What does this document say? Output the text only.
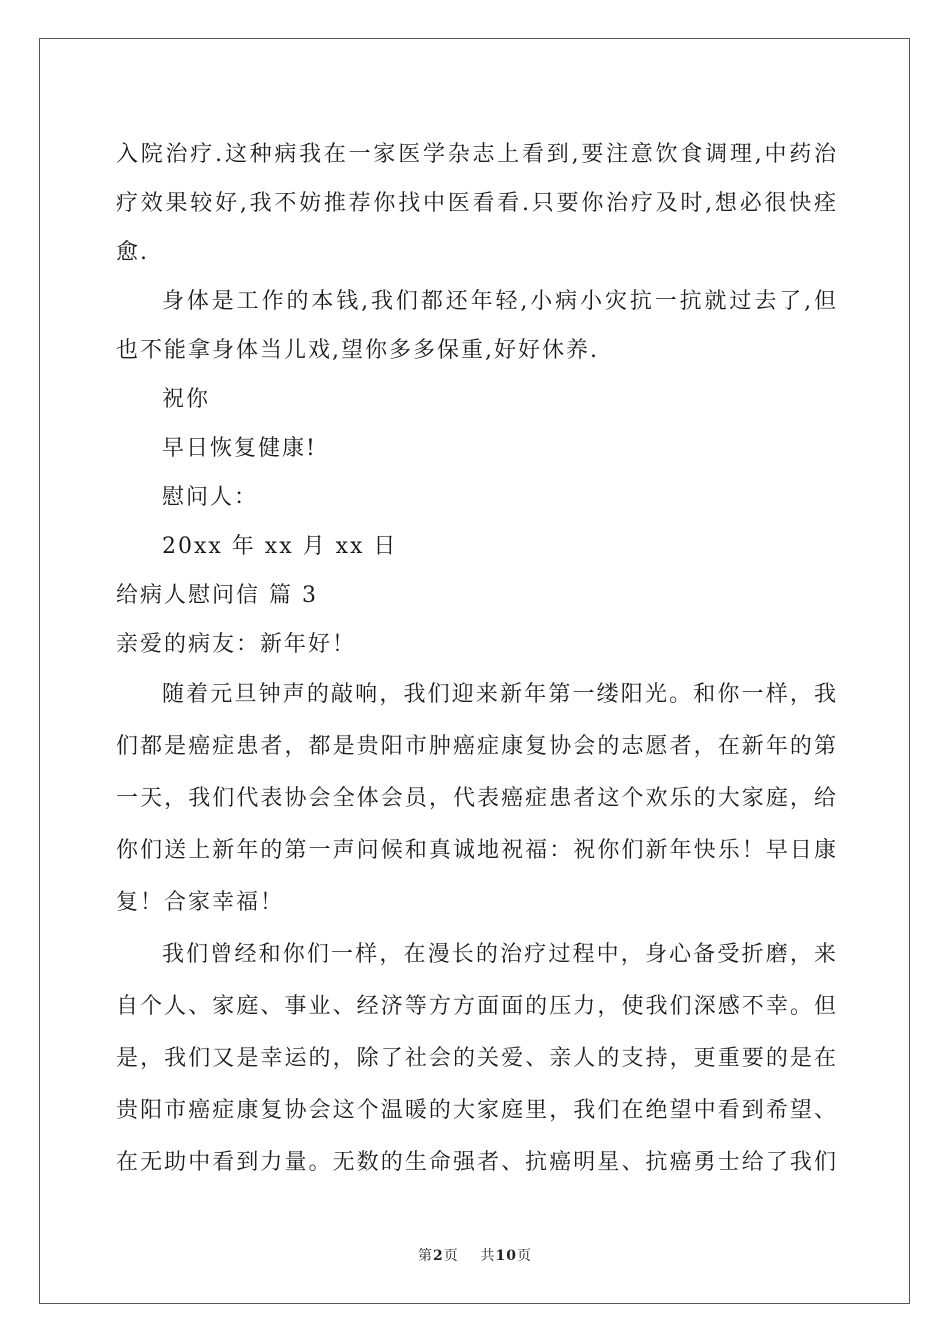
入院治疗.这种病我在一家医学杂志上看到,要注意饮食调理,中药治
疗效果较好,我不妨推荐你找中医看看.只要你治疗及时,想必很快痊
愈.
身体是工作的本钱,我们都还年轻,小病小灾抗一抗就过去了,但
也不能拿身体当儿戏,望你多多保重,好好休养.
祝你
早日恢复健康!
慰问人：
20xx 年 xx 月 xx 日
给病人慰问信 篇 3
亲爱的病友：新年好！
随着元旦钟声的敲响，我们迎来新年第一缕阳光。和你一样，我
们都是癌症患者，都是贵阳市肿癌症康复协会的志愿者，在新年的第
一天，我们代表协会全体会员，代表癌症患者这个欢乐的大家庭，给
你们送上新年的第一声问候和真诚地祝福：祝你们新年快乐！早日康
复！合家幸福！
我们曾经和你们一样，在漫长的治疗过程中，身心备受折磨，来
自个人、家庭、事业、经济等方方面面的压力，使我们深感不幸。但
是，我们又是幸运的，除了社会的关爱、亲人的支持，更重要的是在
贵阳市癌症康复协会这个温暖的大家庭里，我们在绝望中看到希望、
在无助中看到力量。无数的生命强者、抗癌明星、抗癌勇士给了我们
第2页 共10页
